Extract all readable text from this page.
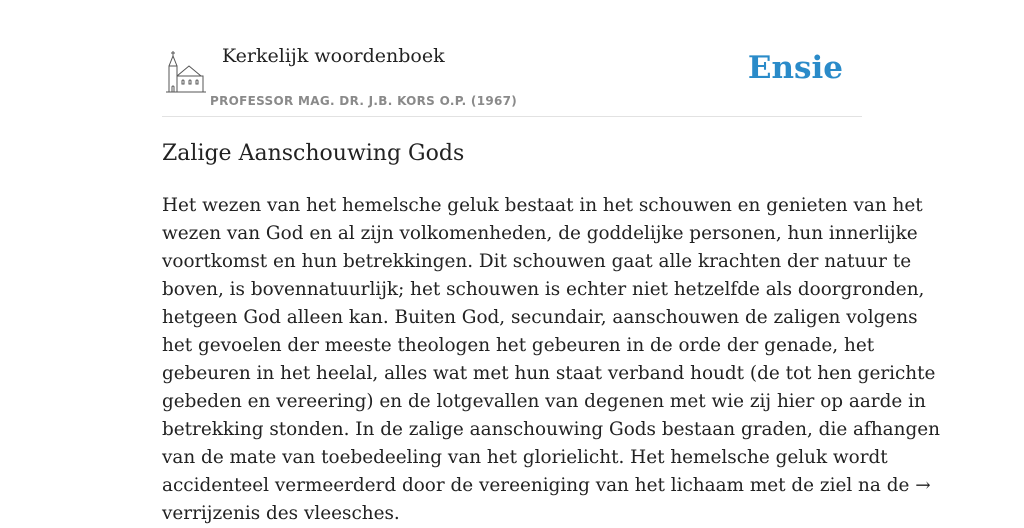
Kerkelijk woordenboek
PROFESSOR MAG. DR. J.B. KORS O.P. (1967)
Ensie
Zalige Aanschouwing Gods
Het wezen van het hemelsche geluk bestaat in het schouwen en genieten van het
wezen van God en al zijn volkomenheden, de goddelijke personen, hun innerlijke
voortkomst en hun betrekkingen. Dit schouwen gaat alle krachten der natuur te
boven, is bovennatuurlijk; het schouwen is echter niet hetzelfde als doorgronden,
hetgeen God alleen kan. Buiten God, secundair, aanschouwen de zaligen volgens
het gevoelen der meeste theologen het gebeuren in de orde der genade, het
gebeuren in het heelal, alles wat met hun staat verband houdt (de tot hen gerichte
gebeden en vereering) en de lotgevallen van degenen met wie zij hier op aarde in
betrekking stonden. In de zalige aanschouwing Gods bestaan graden, die afhangen
van de mate van toebedeeling van het glorielicht. Het hemelsche geluk wordt
accidenteel vermeerderd door de vereeniging van het lichaam met de ziel na de →
verrijzenis des vleesches.
